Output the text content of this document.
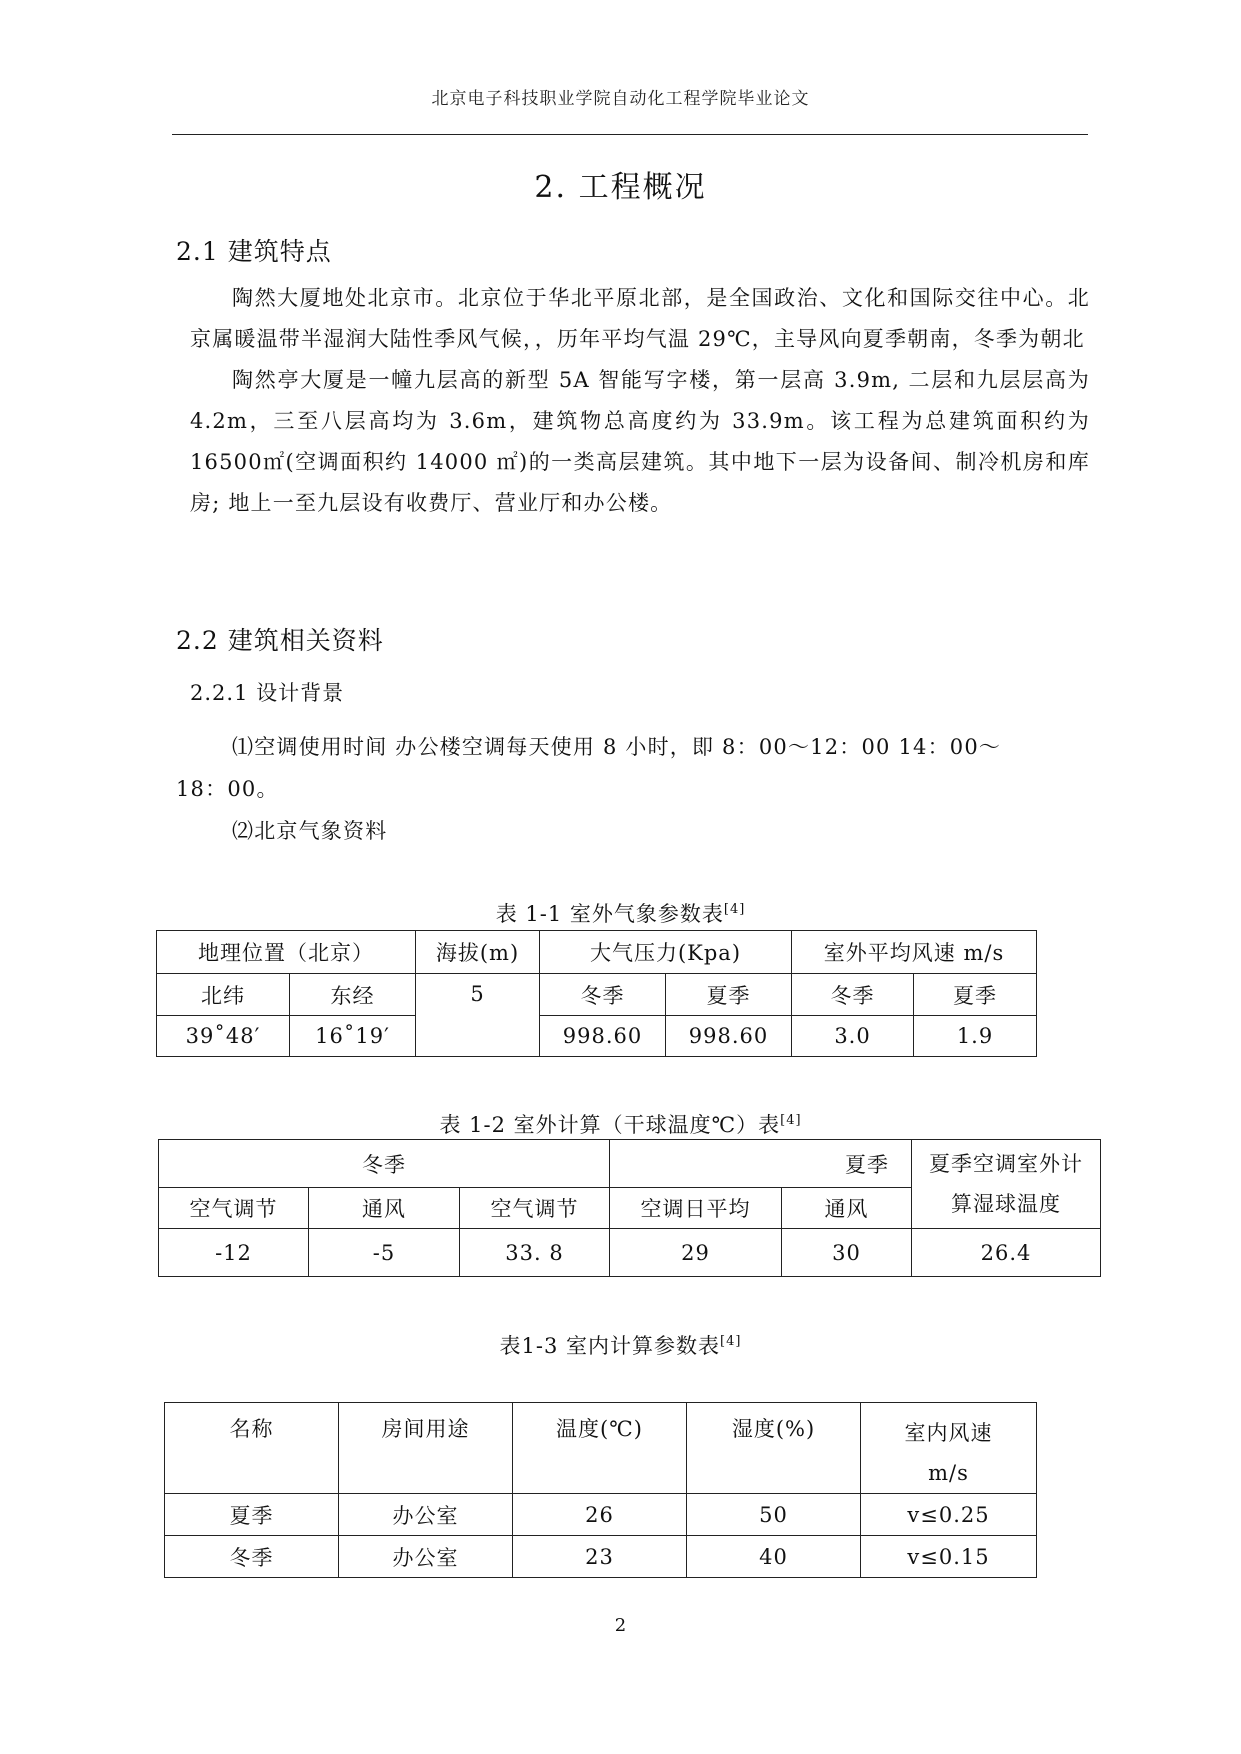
北京电子科技职业学院自动化工程学院毕业论文
2. 工程概况
2.1 建筑特点

陶然大厦地处北京市。北京位于华北平原北部，是全国政治、文化和国际交往中心。北京属暖温带半湿润大陆性季风气候，，历年平均气温 29℃，主导风向夏季朝南，冬季为朝北

陶然亭大厦是一幢九层高的新型 5A 智能写字楼，第一层高 3.9m, 二层和九层层高为 4.2m，三至八层高均为 3.6m，建筑物总高度约为 33.9m。该工程为总建筑面积约为 16500㎡(空调面积约 14000 ㎡)的一类高层建筑。其中地下一层为设备间、制冷机房和库房; 地上一至九层设有收费厅、营业厅和办公楼。

2.2 建筑相关资料
2.2.1 设计背景
⑴空调使用时间 办公楼空调每天使用 8 小时，即 8：00～12：00 14：00～
18：00。
⑵北京气象资料
表 1-1 室外气象参数表[4]
地理位置（北京）		海拔(m)	大气压力(Kpa)		室外平均风速 m/s	
北纬	东经	5	冬季	夏季	冬季	夏季
39˚48′	16˚19′		998.60	998.60	3.0	1.9
表 1-2 室外计算（干球温度℃）表[4]
冬季			夏季		夏季空调室外计算湿球温度
空气调节	通风	空气调节	空调日平均	通风	
-12	-5	33. 8	29	30	26.4
表1-3 室内计算参数表[4]
名称	房间用途	温度(℃)	湿度(%)	室内风速 m/s
夏季	办公室	26	50	v≤0.25
冬季	办公室	23	40	v≤0.15
2
